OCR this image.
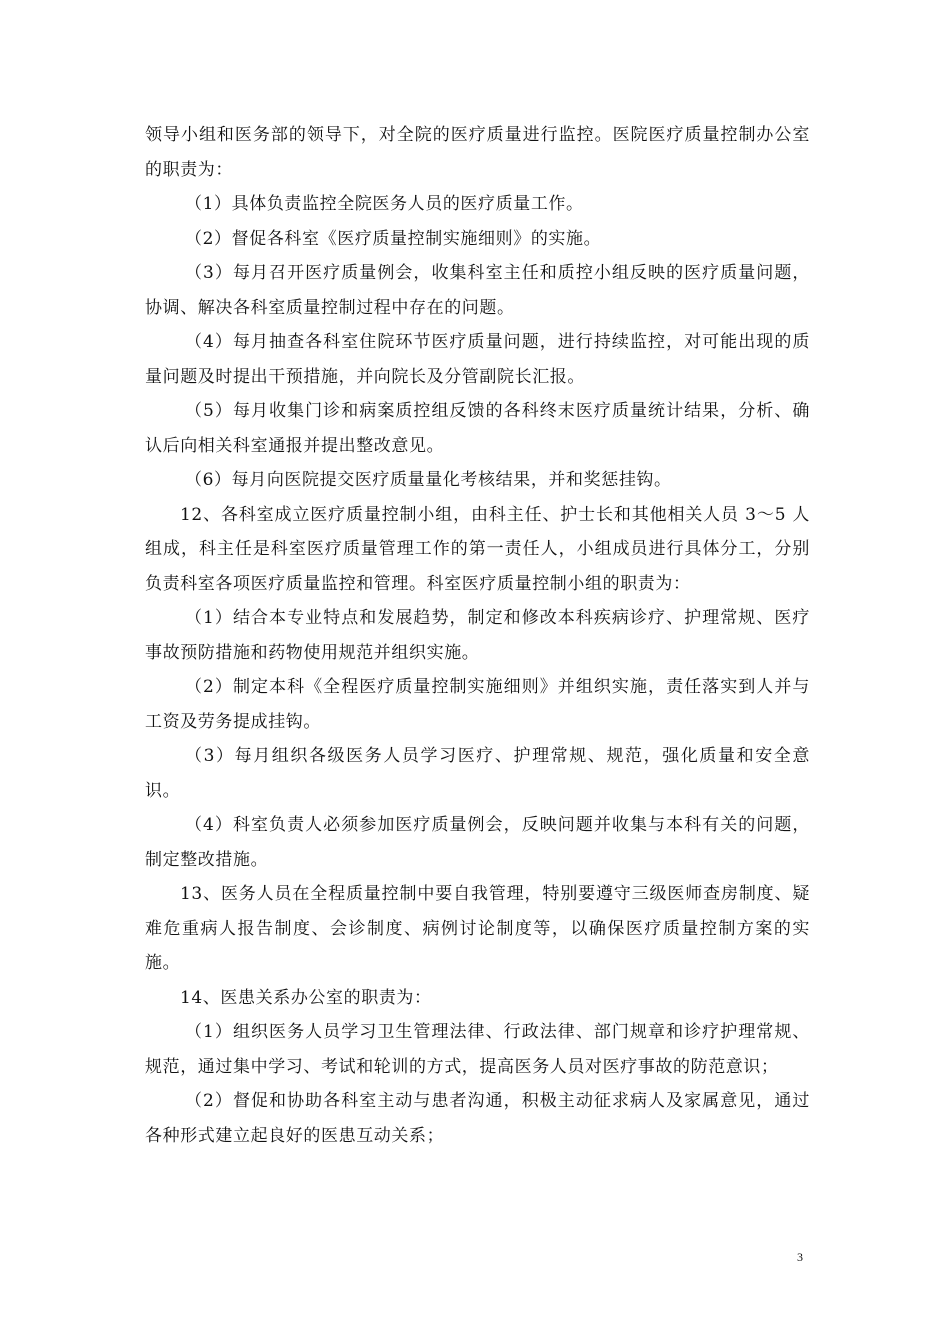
领导小组和医务部的领导下，对全院的医疗质量进行监控。医院医疗质量控制办公室的职责为：

（1）具体负责监控全院医务人员的医疗质量工作。

（2）督促各科室《医疗质量控制实施细则》的实施。

（3）每月召开医疗质量例会，收集科室主任和质控小组反映的医疗质量问题，协调、解决各科室质量控制过程中存在的问题。

（4）每月抽查各科室住院环节医疗质量问题，进行持续监控，对可能出现的质量问题及时提出干预措施，并向院长及分管副院长汇报。

（5）每月收集门诊和病案质控组反馈的各科终末医疗质量统计结果，分析、确认后向相关科室通报并提出整改意见。

（6）每月向医院提交医疗质量量化考核结果，并和奖惩挂钩。

12、各科室成立医疗质量控制小组，由科主任、护士长和其他相关人员 3～5 人组成，科主任是科室医疗质量管理工作的第一责任人，小组成员进行具体分工，分别负责科室各项医疗质量监控和管理。科室医疗质量控制小组的职责为：

（1）结合本专业特点和发展趋势，制定和修改本科疾病诊疗、护理常规、医疗事故预防措施和药物使用规范并组织实施。

（2）制定本科《全程医疗质量控制实施细则》并组织实施，责任落实到人并与工资及劳务提成挂钩。

（3）每月组织各级医务人员学习医疗、护理常规、规范，强化质量和安全意识。

（4）科室负责人必须参加医疗质量例会，反映问题并收集与本科有关的问题，制定整改措施。

13、医务人员在全程质量控制中要自我管理，特别要遵守三级医师查房制度、疑难危重病人报告制度、会诊制度、病例讨论制度等，以确保医疗质量控制方案的实施。

14、医患关系办公室的职责为：

（1）组织医务人员学习卫生管理法律、行政法律、部门规章和诊疗护理常规、规范，通过集中学习、考试和轮训的方式，提高医务人员对医疗事故的防范意识；

（2）督促和协助各科室主动与患者沟通，积极主动征求病人及家属意见，通过各种形式建立起良好的医患互动关系；

3
